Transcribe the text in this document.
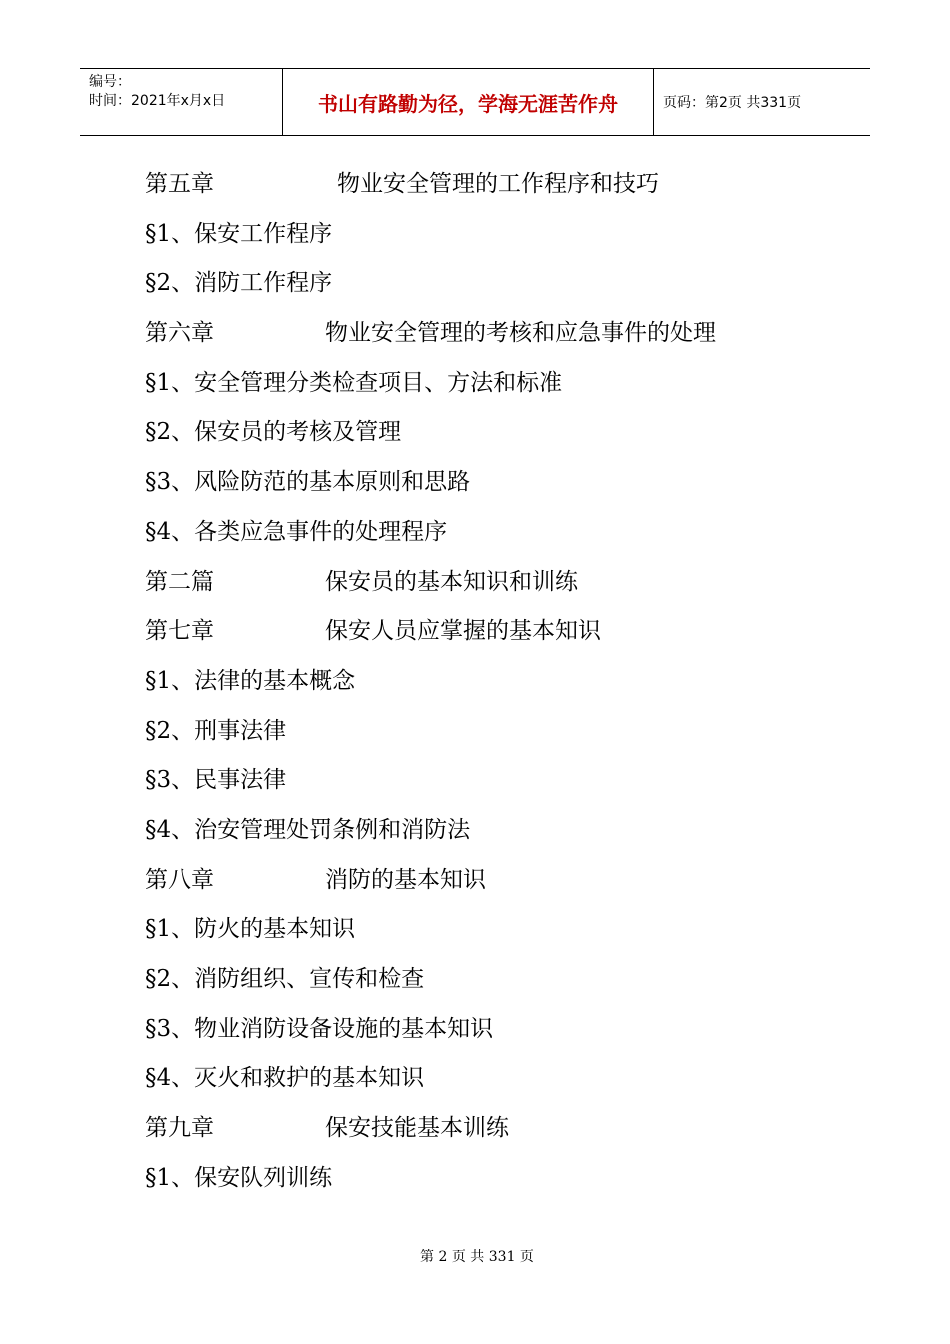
编号：
时间：2021年x月x日	书山有路勤为径，学海无涯苦作舟	页码：第2页 共331页
第五章	物业安全管理的工作程序和技巧
§1、保安工作程序
§2、消防工作程序
第六章	物业安全管理的考核和应急事件的处理
§1、安全管理分类检查项目、方法和标准
§2、保安员的考核及管理
§3、风险防范的基本原则和思路
§4、各类应急事件的处理程序
第二篇	保安员的基本知识和训练
第七章	保安人员应掌握的基本知识
§1、法律的基本概念
§2、刑事法律
§3、民事法律
§4、治安管理处罚条例和消防法
第八章	消防的基本知识
§1、防火的基本知识
§2、消防组织、宣传和检查
§3、物业消防设备设施的基本知识
§4、灭火和救护的基本知识
第九章	保安技能基本训练
§1、保安队列训练
第 2 页 共 331 页
